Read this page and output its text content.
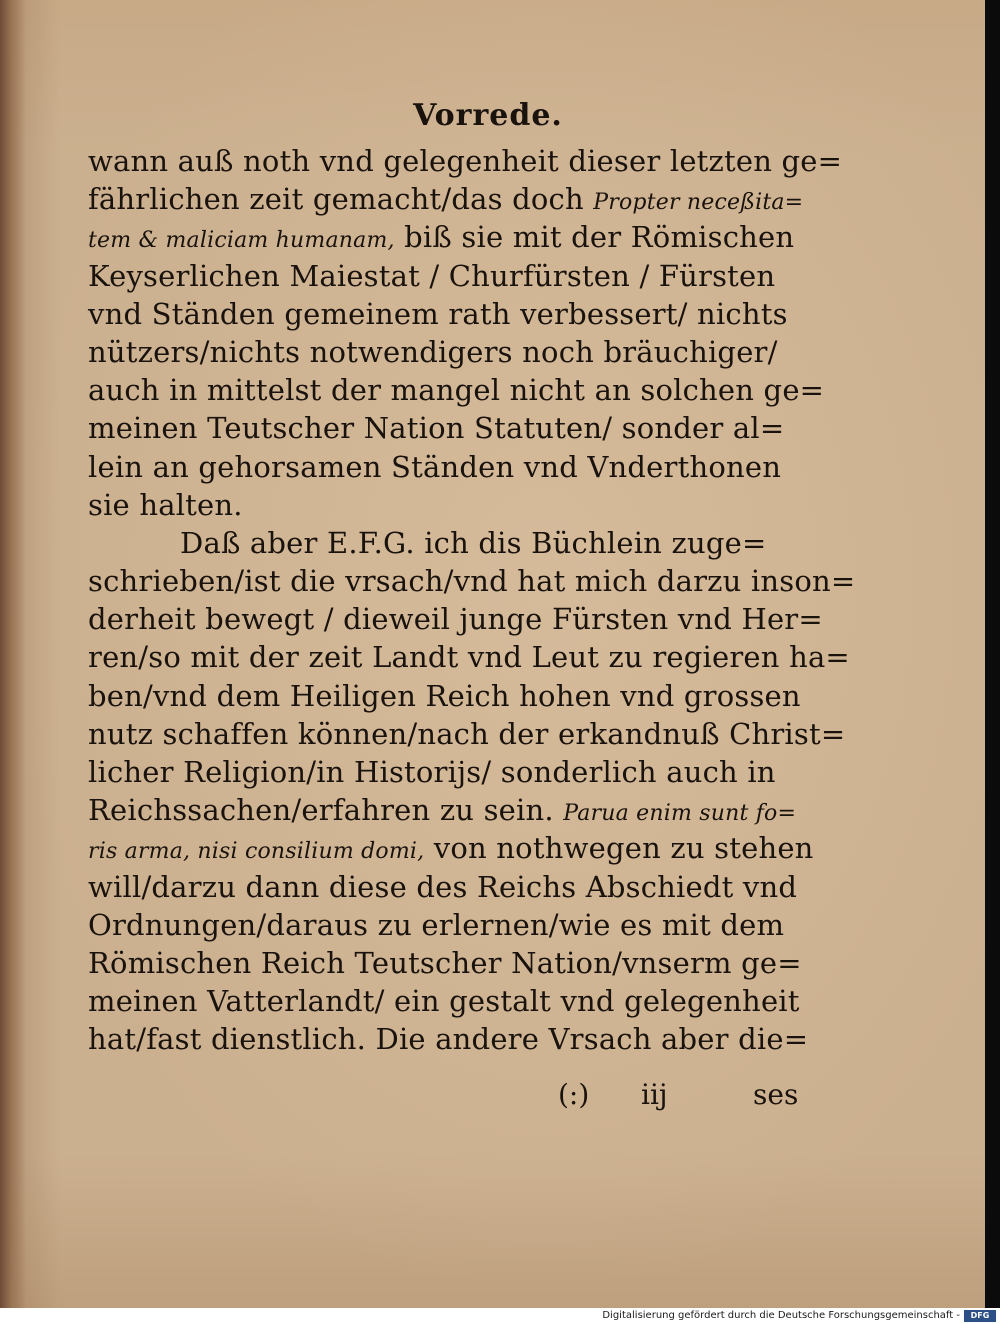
Vorrede.
wann auß noth vnd gelegenheit dieser letzten ge=
fährlichen zeit gemacht/das doch Propter neceßita=
tem & maliciam humanam, biß sie mit der Römischen
Keyserlichen Maiestat / Churfürsten / Fürsten
vnd Ständen gemeinem rath verbessert/ nichts
nützers/nichts notwendigers noch bräuchiger/
auch in mittelst der mangel nicht an solchen ge=
meinen Teutscher Nation Statuten/ sonder al=
lein an gehorsamen Ständen vnd Vnderthonen
sie halten.
Daß aber E.F.G. ich dis Büchlein zuge=
schrieben/ist die vrsach/vnd hat mich darzu inson=
derheit bewegt / dieweil junge Fürsten vnd Her=
ren/so mit der zeit Landt vnd Leut zu regieren ha=
ben/vnd dem Heiligen Reich hohen vnd grossen
nutz schaffen können/nach der erkandnuß Christ=
licher Religion/in Historijs/ sonderlich auch in
Reichssachen/erfahren zu sein. Parua enim sunt fo=
ris arma, nisi consilium domi, von nothwegen zu stehen
will/darzu dann diese des Reichs Abschiedt vnd
Ordnungen/daraus zu erlernen/wie es mit dem
Römischen Reich Teutscher Nation/vnserm ge=
meinen Vatterlandt/ ein gestalt vnd gelegenheit
hat/fast dienstlich. Die andere Vrsach aber die=
(:) iij	ses
Digitalisierung gefördert durch die Deutsche Forschungsgemeinschaft -	DFG
